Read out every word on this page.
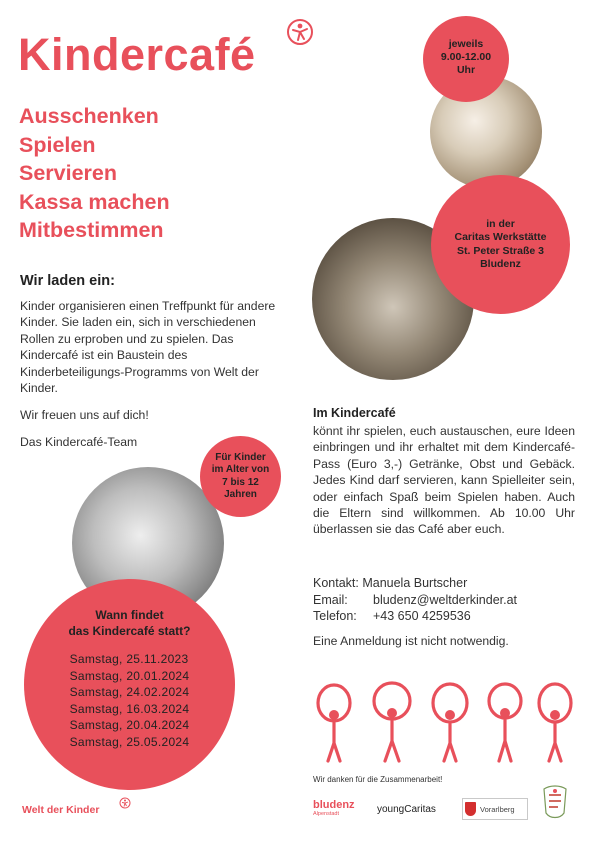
Kindercafé
Ausschenken
Spielen
Servieren
Kassa machen
Mitbestimmen
jeweils
9.00-12.00
Uhr
in der
Caritas Werkstätte
St. Peter Straße 3
Bludenz
Wir laden ein:
Kinder organisieren einen Treffpunkt für andere Kinder. Sie laden ein, sich in verschiedenen Rollen zu erproben und zu spielen. Das Kindercafé ist ein Baustein des Kinderbeteiligungs-Programms von Welt der Kinder.
Wir freuen uns auf dich!
Das Kindercafé-Team
Für Kinder
im Alter von
7 bis 12
Jahren
Wann findet
das Kindercafé statt?
Samstag, 25.11.2023
Samstag, 20.01.2024
Samstag, 24.02.2024
Samstag, 16.03.2024
Samstag, 20.04.2024
Samstag, 25.05.2024
Im Kindercafé
könnt ihr spielen, euch austauschen, eure Ideen einbringen und ihr erhaltet mit dem Kindercafé-Pass (Euro 3,-) Getränke, Obst und Gebäck. Jedes Kind darf servieren, kann Spielleiter sein, oder einfach Spaß beim Spielen haben. Auch die Eltern sind willkommen. Ab 10.00 Uhr überlassen sie das Café aber euch.
Kontakt: Manuela Burtscher
Email: bludenz@weltderkinder.at
Telefon: +43 650 4259536
Eine Anmeldung ist nicht notwendig.
Wir danken für die Zusammenarbeit!
Welt der Kinder	bludenz
Alpenstadt	youngCaritas	Vorarlberg
